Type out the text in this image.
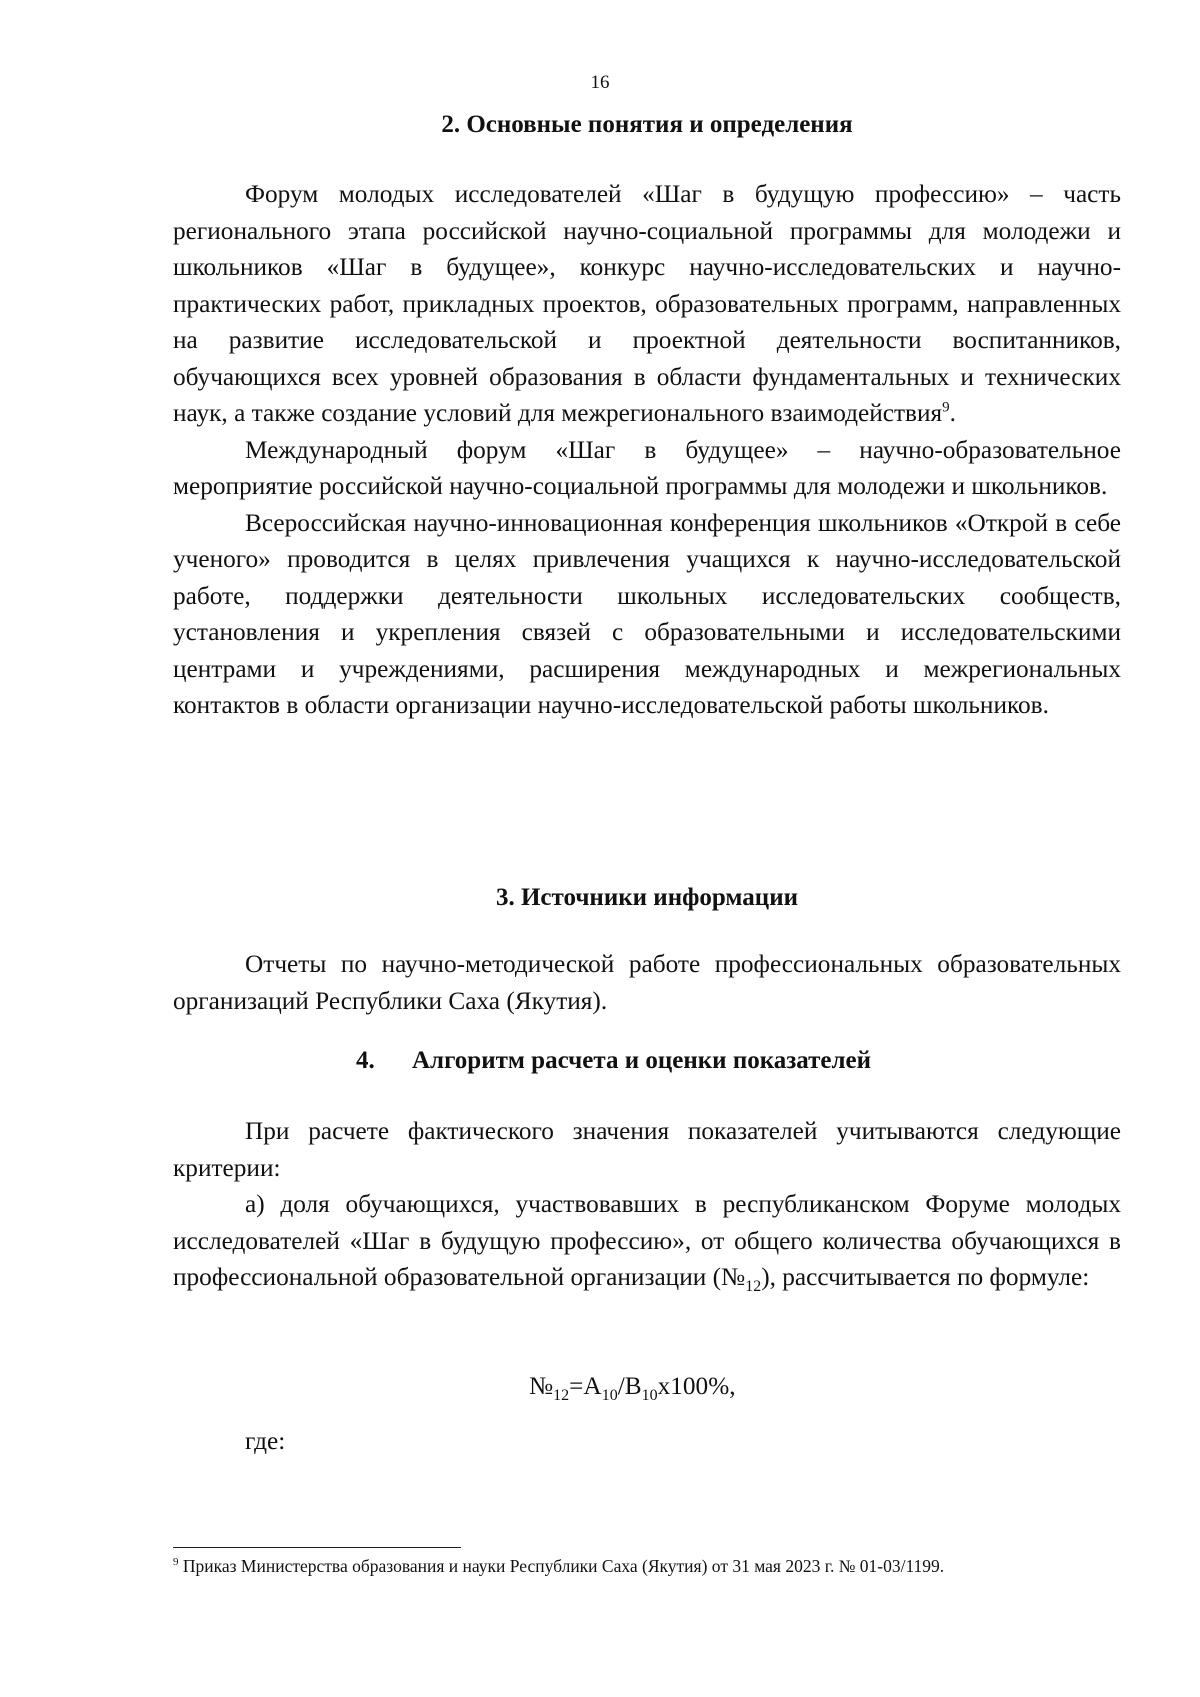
16
2. Основные понятия и определения

Форум молодых исследователей «Шаг в будущую профессию» – часть регионального этапа российской научно-социальной программы для молодежи и школьников «Шаг в будущее», конкурс научно-исследовательских и научно-практических работ, прикладных проектов, образовательных программ, направленных на развитие исследовательской и проектной деятельности воспитанников, обучающихся всех уровней образования в области фундаментальных и технических наук, а также создание условий для межрегионального взаимодействия$^9$.

Международный форум «Шаг в будущее» – научно-образовательное мероприятие российской научно-социальной программы для молодежи и школьников.

Всероссийская научно-инновационная конференция школьников «Открой в себе ученого» проводится в целях привлечения учащихся к научно-исследовательской работе, поддержки деятельности школьных исследовательских сообществ, установления и укрепления связей с образовательными и исследовательскими центрами и учреждениями, расширения международных и межрегиональных контактов в области организации научно-исследовательской работы школьников.

3. Источники информации

Отчеты по научно-методической работе профессиональных образовательных организаций Республики Саха (Якутия).

4. Алгоритм расчета и оценки показателей

При расчете фактического значения показателей учитываются следующие критерии:

а) доля обучающихся, участвовавших в республиканском Форуме молодых исследователей «Шаг в будущую профессию», от общего количества обучающихся в профессиональной образовательной организации $(№_{12})$, рассчитывается по формуле:

$№_{12}=А_{10}/В_{10}х100\%$,
где:
$^9$ Приказ Министерства образования и науки Республики Саха (Якутия) от 31 мая 2023 г. № 01-03/1199.
